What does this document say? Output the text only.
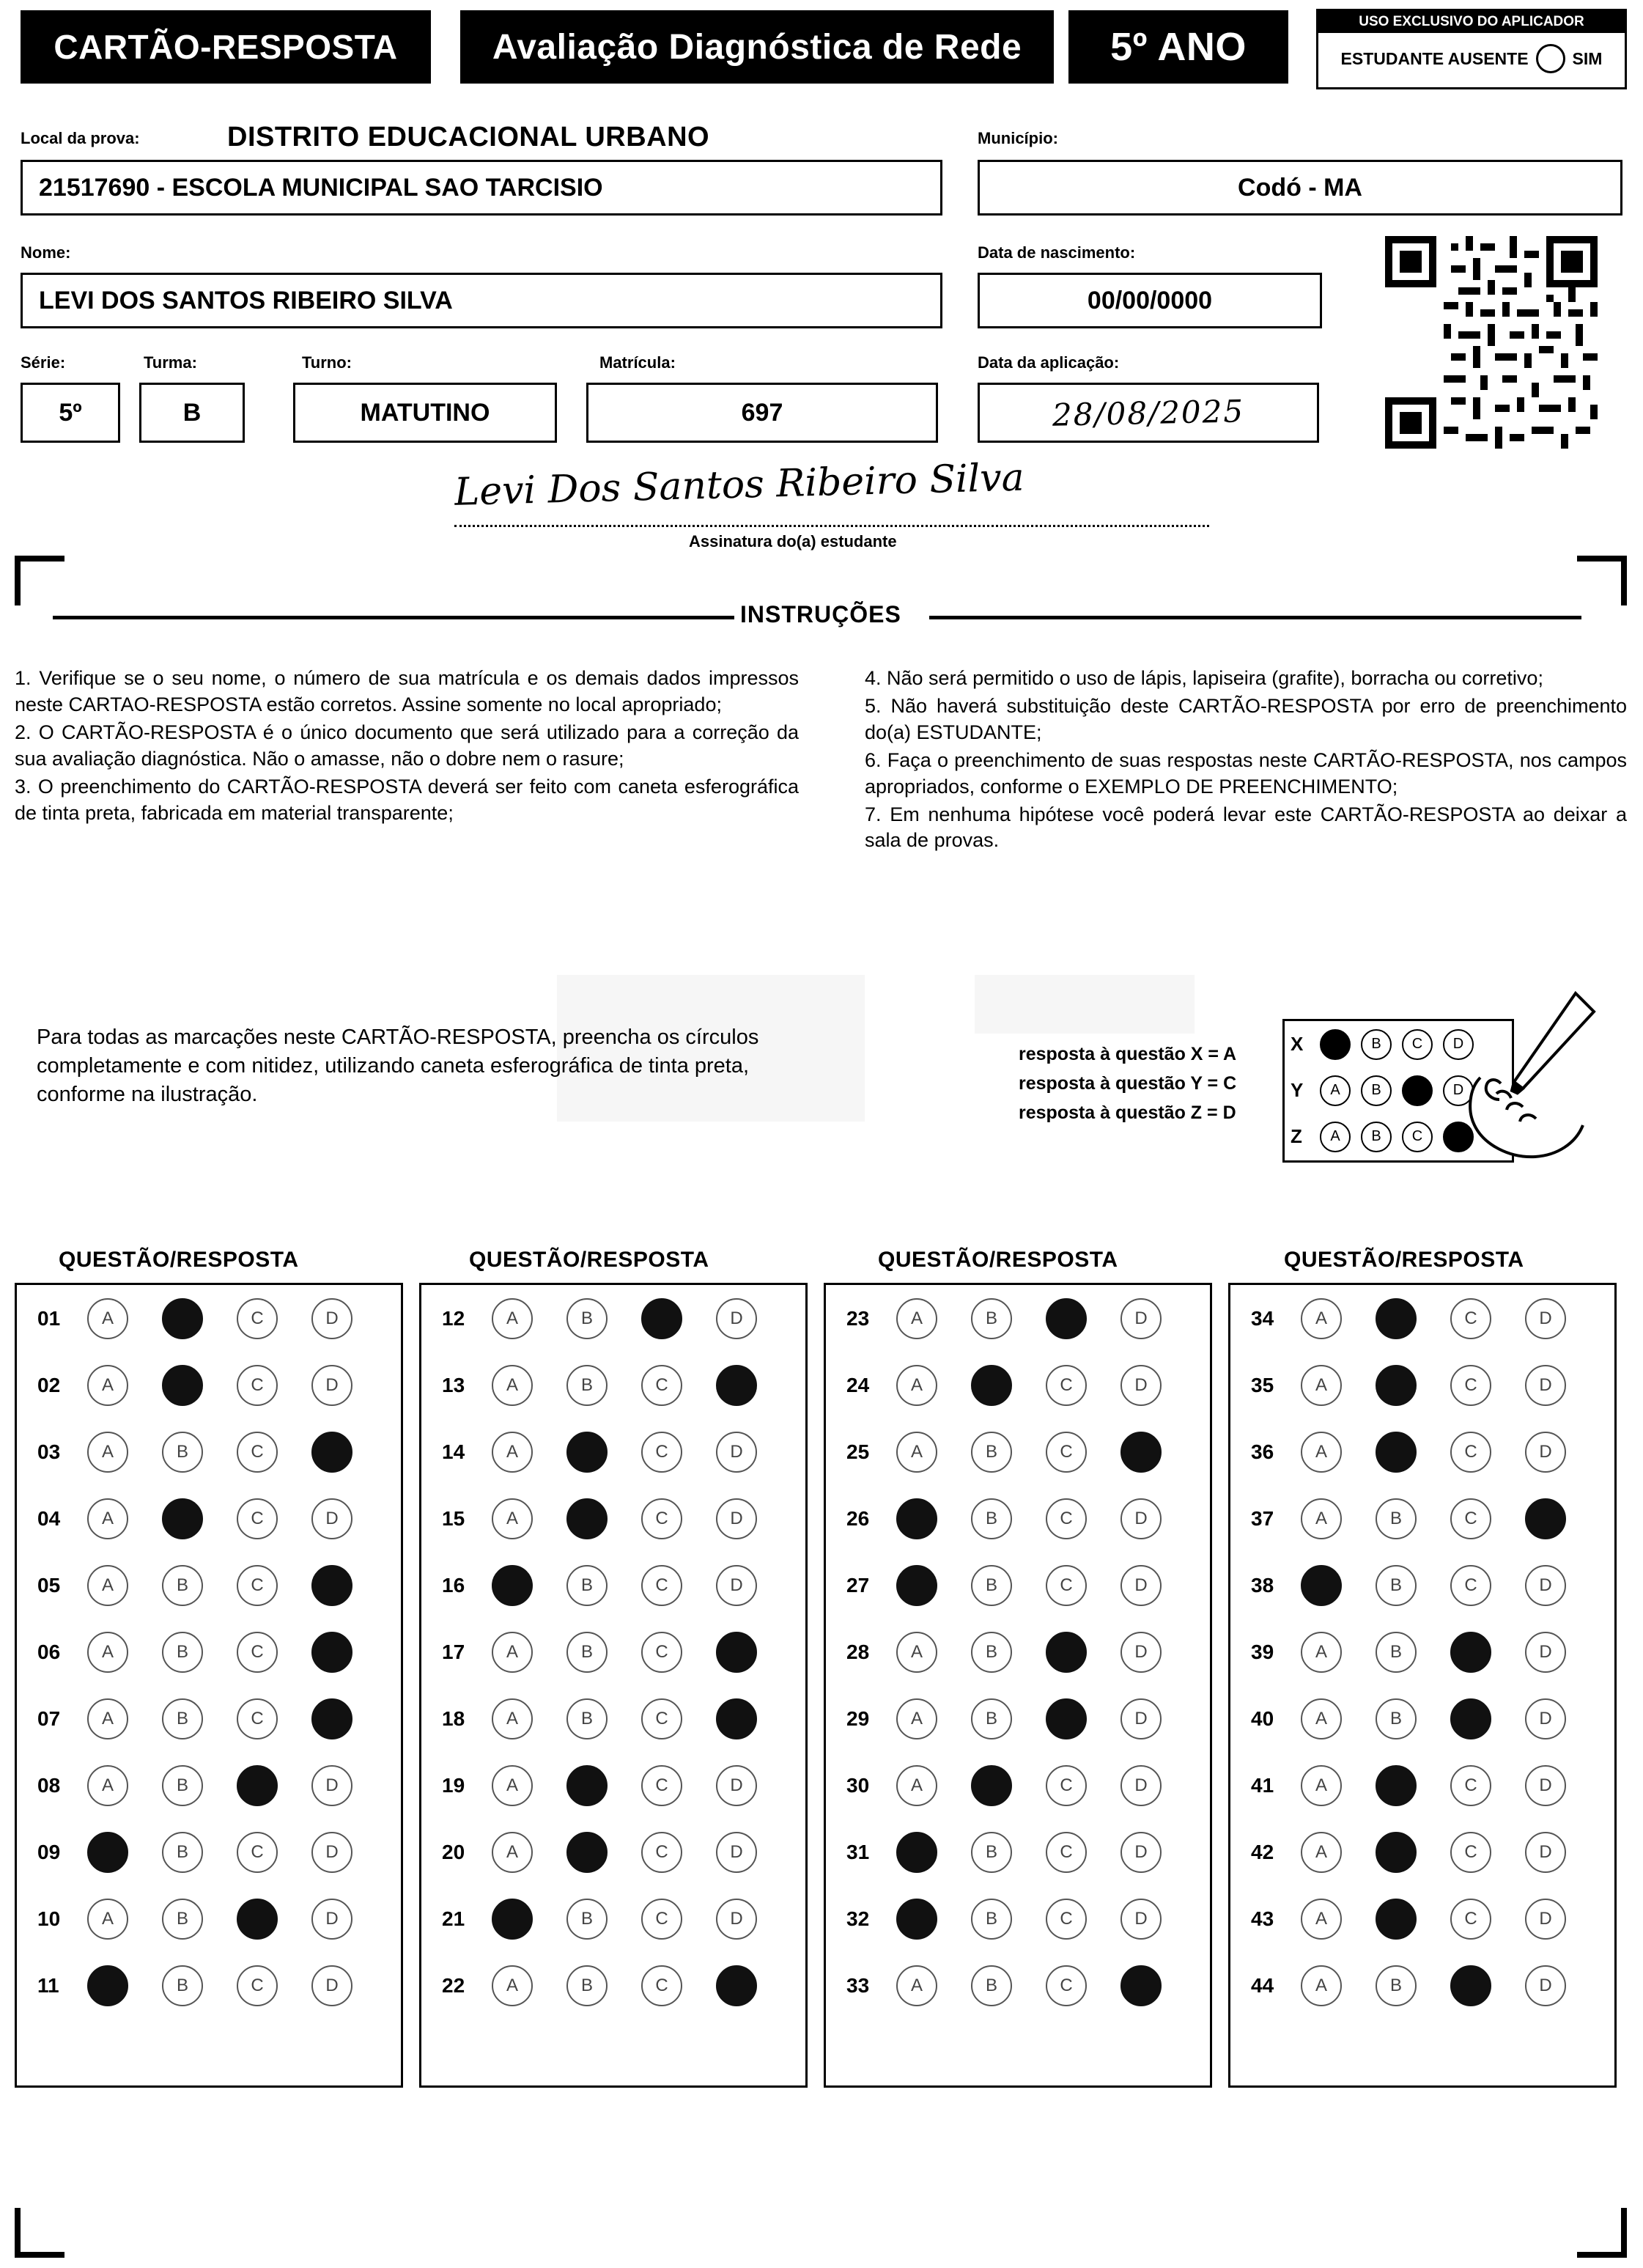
CARTÃO-RESPOSTA	Avaliação Diagnóstica de Rede	5º ANO
USO EXCLUSIVO DO APLICADOR
ESTUDANTE AUSENTE	SIM
Local da prova:	DISTRITO EDUCACIONAL URBANO
21517690 - ESCOLA MUNICIPAL SAO TARCISIO
Município:
Codó - MA
Nome:
LEVI DOS SANTOS RIBEIRO SILVA
Data de nascimento:
00/00/0000
Série:	Turma:	Turno:	Matrícula:	Data da aplicação:
5º	B	MATUTINO	697	28/08/2025
Levi Dos Santos Ribeiro Silva
Assinatura do(a) estudante
INSTRUÇÕES

1. Verifique se o seu nome, o número de sua matrícula e os demais dados impressos neste CARTAO-RESPOSTA estão corretos. Assine somente no local apropriado;

2. O CARTÃO-RESPOSTA é o único documento que será utilizado para a correção da sua avaliação diagnóstica. Não o amasse, não o dobre nem o rasure;

3. O preenchimento do CARTÃO-RESPOSTA deverá ser feito com caneta esferográfica de tinta preta, fabricada em material transparente;

4. Não será permitido o uso de lápis, lapiseira (grafite), borracha ou corretivo;

5. Não haverá substituição deste CARTÃO-RESPOSTA por erro de preenchimento do(a) ESTUDANTE;

6. Faça o preenchimento de suas respostas neste CARTÃO-RESPOSTA, nos campos apropriados, conforme o EXEMPLO DE PREENCHIMENTO;

7. Em nenhuma hipótese você poderá levar este CARTÃO-RESPOSTA ao deixar a sala de provas.

Para todas as marcações neste CARTÃO-RESPOSTA, preencha os círculos completamente e com nitidez, utilizando caneta esferográfica de tinta preta, conforme na ilustração.
resposta à questão X = A
resposta à questão Y = C
resposta à questão Z = D
X	B C D
Y	A B	D
Z	A B C
QUESTÃO/RESPOSTA	QUESTÃO/RESPOSTA	QUESTÃO/RESPOSTA	QUESTÃO/RESPOSTA
01	A	C	D
02	A	C	D
03	A	B	C
04	A	C	D
05	A	B	C
06	A	B	C
07	A	B	C
08	A	B	D
09	B	C	D
10	A	B	D
11	B	C	D
12	A	B	D
13	A	B	C
14	A	C	D
15	A	C	D
16	B	C	D
17	A	B	C
18	A	B	C
19	A	C	D
20	A	C	D
21	B	C	D
22	A	B	C
23	A	B	D
24	A	C	D
25	A	B	C
26	B	C	D
27	B	C	D
28	A	B	D
29	A	B	D
30	A	C	D
31	B	C	D
32	B	C	D
33	A	B	C
34	A	C	D
35	A	C	D
36	A	C	D
37	A	B	C
38	B	C	D
39	A	B	D
40	A	B	D
41	A	C	D
42	A	C	D
43	A	C	D
44	A	B	D
